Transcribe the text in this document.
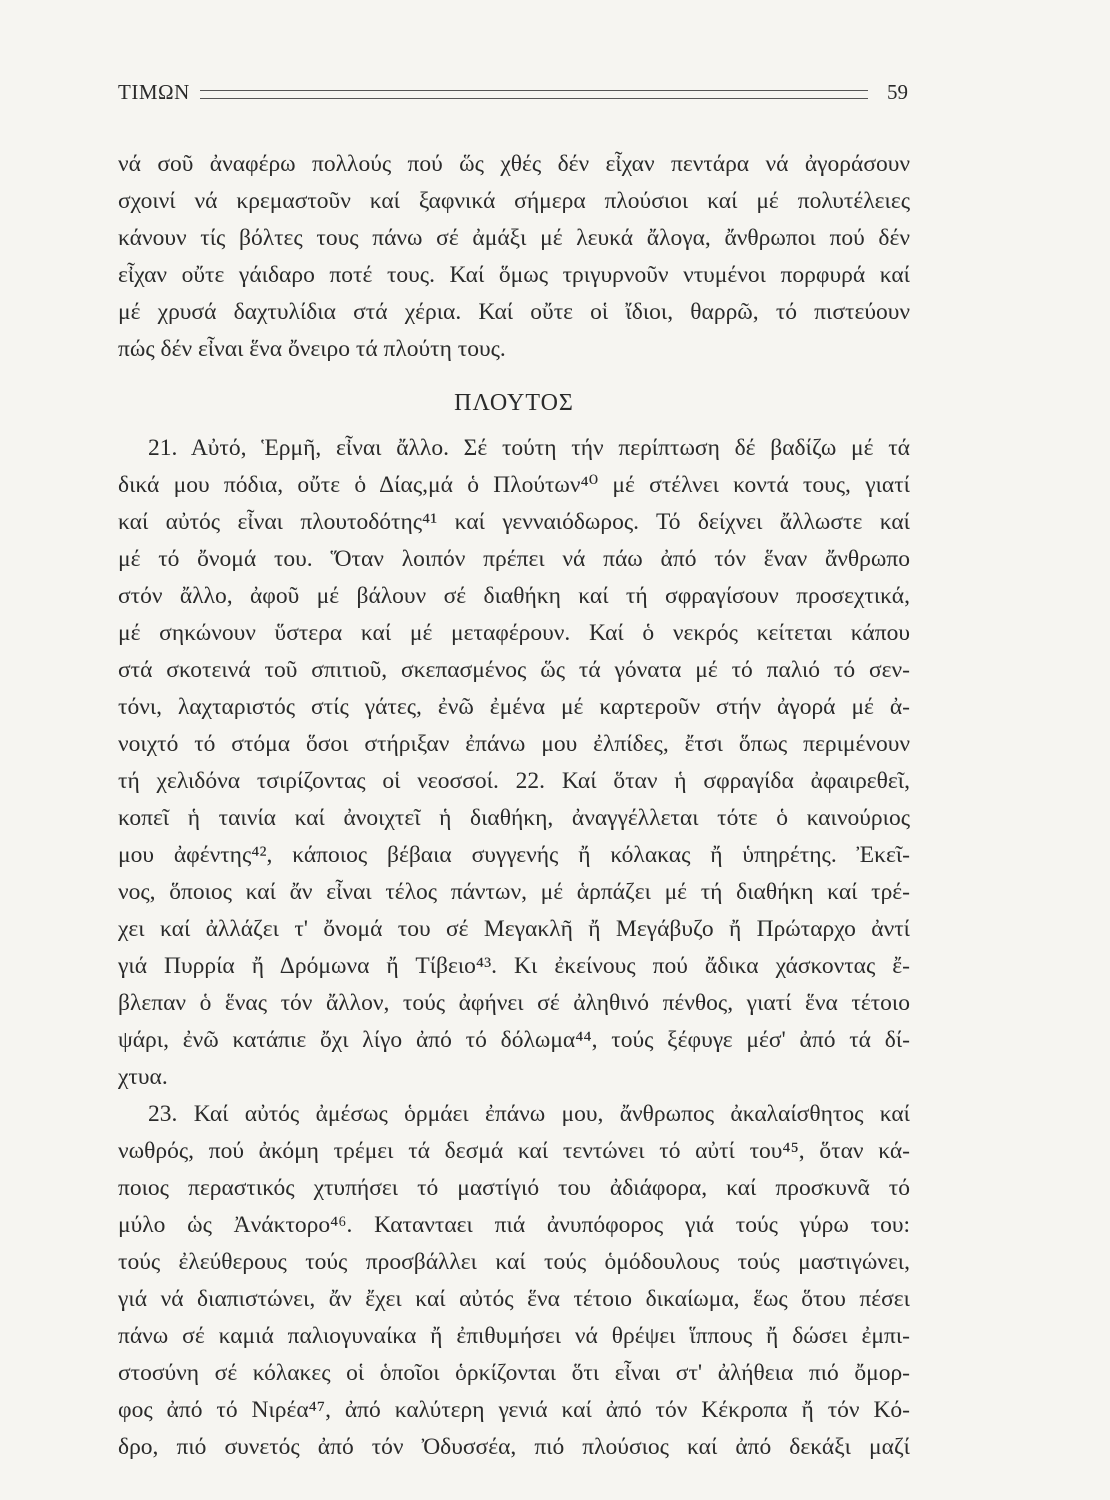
ΤΙΜΩΝ	59
νά σοῦ ἀναφέρω πολλούς πού ὥς χθές δέν εἶχαν πεντάρα νά ἀγοράσουν
σχοινί νά κρεμαστοῦν καί ξαφνικά σήμερα πλούσιοι καί μέ πολυτέλειες
κάνουν τίς βόλτες τους πάνω σέ ἀμάξι μέ λευκά ἄλογα, ἄνθρωποι πού δέν
εἶχαν οὔτε γάιδαρο ποτέ τους. Καί ὅμως τριγυρνοῦν ντυμένοι πορφυρά καί
μέ χρυσά δαχτυλίδια στά χέρια. Καί οὔτε οἱ ἴδιοι, θαρρῶ, τό πιστεύουν
πώς δέν εἶναι ἕνα ὄνειρο τά πλούτη τους.
ΠΛΟΥΤΟΣ
21. Αὐτό, Ἑρμῆ, εἶναι ἄλλο. Σέ τούτη τήν περίπτωση δέ βαδίζω μέ τά
δικά μου πόδια, οὔτε ὁ Δίας,μά ὁ Πλούτων⁴⁰ μέ στέλνει κοντά τους, γιατί
καί αὐτός εἶναι πλουτοδότης⁴¹ καί γενναιόδωρος. Τό δείχνει ἄλλωστε καί
μέ τό ὄνομά του. Ὅταν λοιπόν πρέπει νά πάω ἀπό τόν ἕναν ἄνθρωπο
στόν ἄλλο, ἀφοῦ μέ βάλουν σέ διαθήκη καί τή σφραγίσουν προσεχτικά,
μέ σηκώνουν ὕστερα καί μέ μεταφέρουν. Καί ὁ νεκρός κείτεται κάπου
στά σκοτεινά τοῦ σπιτιοῦ, σκεπασμένος ὥς τά γόνατα μέ τό παλιό τό σεν-
τόνι, λαχταριστός στίς γάτες, ἐνῶ ἐμένα μέ καρτεροῦν στήν ἀγορά μέ ἀ-
νοιχτό τό στόμα ὅσοι στήριξαν ἐπάνω μου ἐλπίδες, ἔτσι ὅπως περιμένουν
τή χελιδόνα τσιρίζοντας οἱ νεοσσοί. 22. Καί ὅταν ἡ σφραγίδα ἀφαιρεθεῖ,
κοπεῖ ἡ ταινία καί ἀνοιχτεῖ ἡ διαθήκη, ἀναγγέλλεται τότε ὁ καινούριος
μου ἀφέντης⁴², κάποιος βέβαια συγγενής ἤ κόλακας ἤ ὑπηρέτης. Ἐκεῖ-
νος, ὅποιος καί ἄν εἶναι τέλος πάντων, μέ ἁρπάζει μέ τή διαθήκη καί τρέ-
χει καί ἀλλάζει τ' ὄνομά του σέ Μεγακλῆ ἤ Μεγάβυζο ἤ Πρώταρχο ἀντί
γιά Πυρρία ἤ Δρόμωνα ἤ Τίβειο⁴³. Κι ἐκείνους πού ἄδικα χάσκοντας ἔ-
βλεπαν ὁ ἕνας τόν ἄλλον, τούς ἀφήνει σέ ἀληθινό πένθος, γιατί ἕνα τέτοιο
ψάρι, ἐνῶ κατάπιε ὄχι λίγο ἀπό τό δόλωμα⁴⁴, τούς ξέφυγε μέσ' ἀπό τά δί-
χτυα.
23. Καί αὐτός ἀμέσως ὁρμάει ἐπάνω μου, ἄνθρωπος ἀκαλαίσθητος καί
νωθρός, πού ἀκόμη τρέμει τά δεσμά καί τεντώνει τό αὐτί του⁴⁵, ὅταν κά-
ποιος περαστικός χτυπήσει τό μαστίγιό του ἀδιάφορα, καί προσκυνᾶ τό
μύλο ὡς Ἀνάκτορο⁴⁶. Κατανταει πιά ἀνυπόφορος γιά τούς γύρω του:
τούς ἐλεύθερους τούς προσβάλλει καί τούς ὁμόδουλους τούς μαστιγώνει,
γιά νά διαπιστώνει, ἄν ἔχει καί αὐτός ἕνα τέτοιο δικαίωμα, ἕως ὅτου πέσει
πάνω σέ καμιά παλιογυναίκα ἤ ἐπιθυμήσει νά θρέψει ἵππους ἤ δώσει ἐμπι-
στοσύνη σέ κόλακες οἱ ὁποῖοι ὁρκίζονται ὅτι εἶναι στ' ἀλήθεια πιό ὄμορ-
φος ἀπό τό Νιρέα⁴⁷, ἀπό καλύτερη γενιά καί ἀπό τόν Κέκροπα ἤ τόν Κό-
δρο, πιό συνετός ἀπό τόν Ὀδυσσέα, πιό πλούσιος καί ἀπό δεκάξι μαζί
